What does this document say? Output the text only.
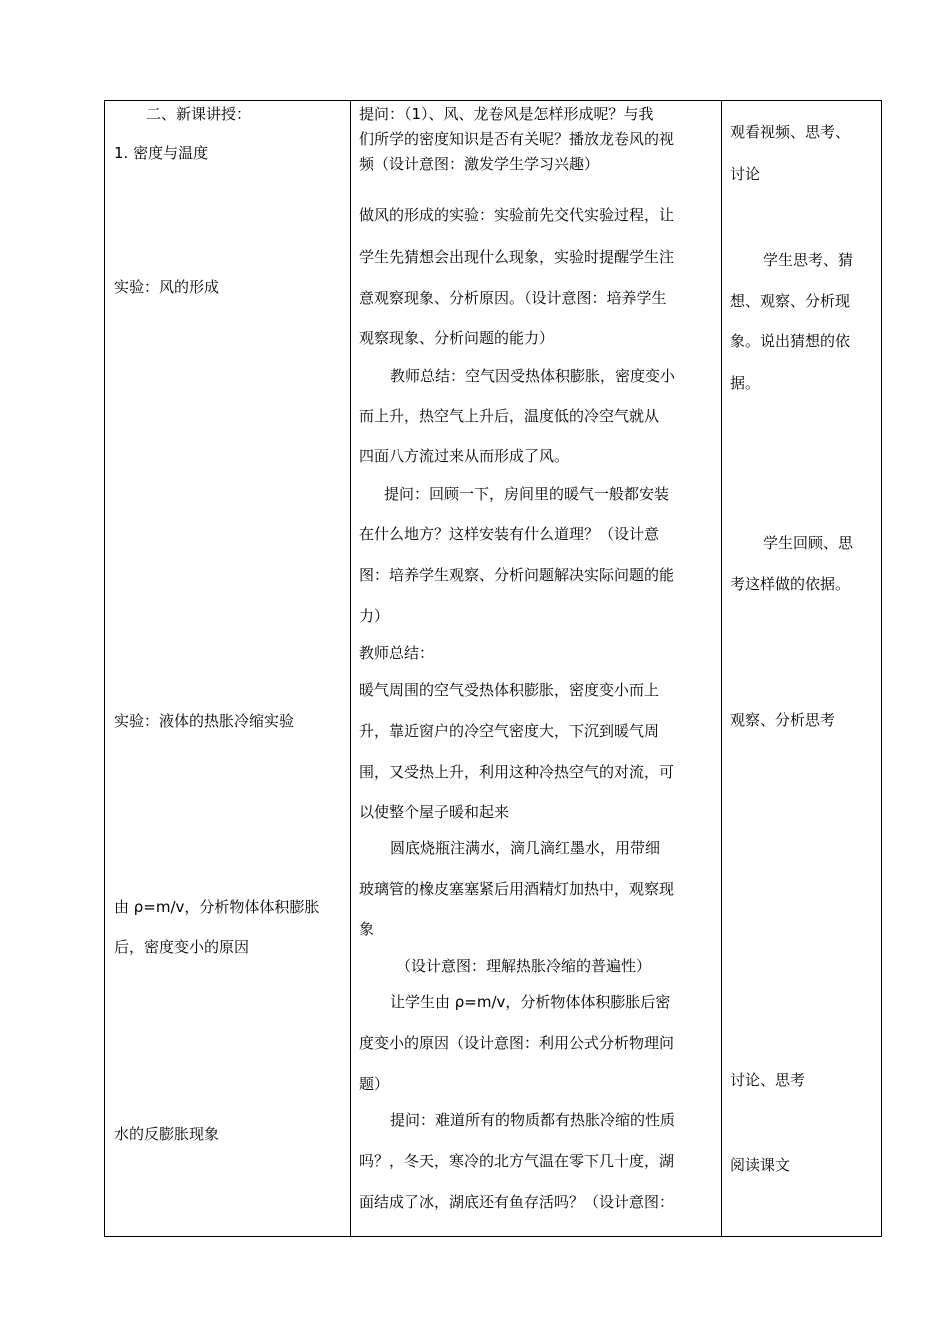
二、新课讲授：
1. 密度与温度
实验：风的形成
实验：液体的热胀冷缩实验
由 ρ=m/v，分析物体体积膨胀
后，密度变小的原因
水的反膨胀现象
提问：（1）、风、龙卷风是怎样形成呢？与我
们所学的密度知识是否有关呢？播放龙卷风的视
频（设计意图：激发学生学习兴趣）
做风的形成的实验：实验前先交代实验过程，让
学生先猜想会出现什么现象，实验时提醒学生注
意观察现象、分析原因。（设计意图：培养学生
观察现象、分析问题的能力）
教师总结：空气因受热体积膨胀，密度变小
而上升，热空气上升后，温度低的冷空气就从
四面八方流过来从而形成了风。
提问：回顾一下，房间里的暖气一般都安装
在什么地方？这样安装有什么道理？（设计意
图：培养学生观察、分析问题解决实际问题的能
力）
教师总结：
暖气周围的空气受热体积膨胀，密度变小而上
升，靠近窗户的冷空气密度大，下沉到暖气周
围，又受热上升，利用这种冷热空气的对流，可
以使整个屋子暖和起来
圆底烧瓶注满水，滴几滴红墨水，用带细
玻璃管的橡皮塞塞紧后用酒精灯加热中，观察现
象
（设计意图：理解热胀冷缩的普遍性）
让学生由 ρ=m/v，分析物体体积膨胀后密
度变小的原因（设计意图：利用公式分析物理问
题）
提问：难道所有的物质都有热胀冷缩的性质
吗？，冬天，寒冷的北方气温在零下几十度，湖
面结成了冰，湖底还有鱼存活吗？（设计意图：
观看视频、思考、
讨论
学生思考、猜
想、观察、分析现
象。说出猜想的依
据。
学生回顾、思
考这样做的依据。
观察、分析思考
讨论、思考
阅读课文
